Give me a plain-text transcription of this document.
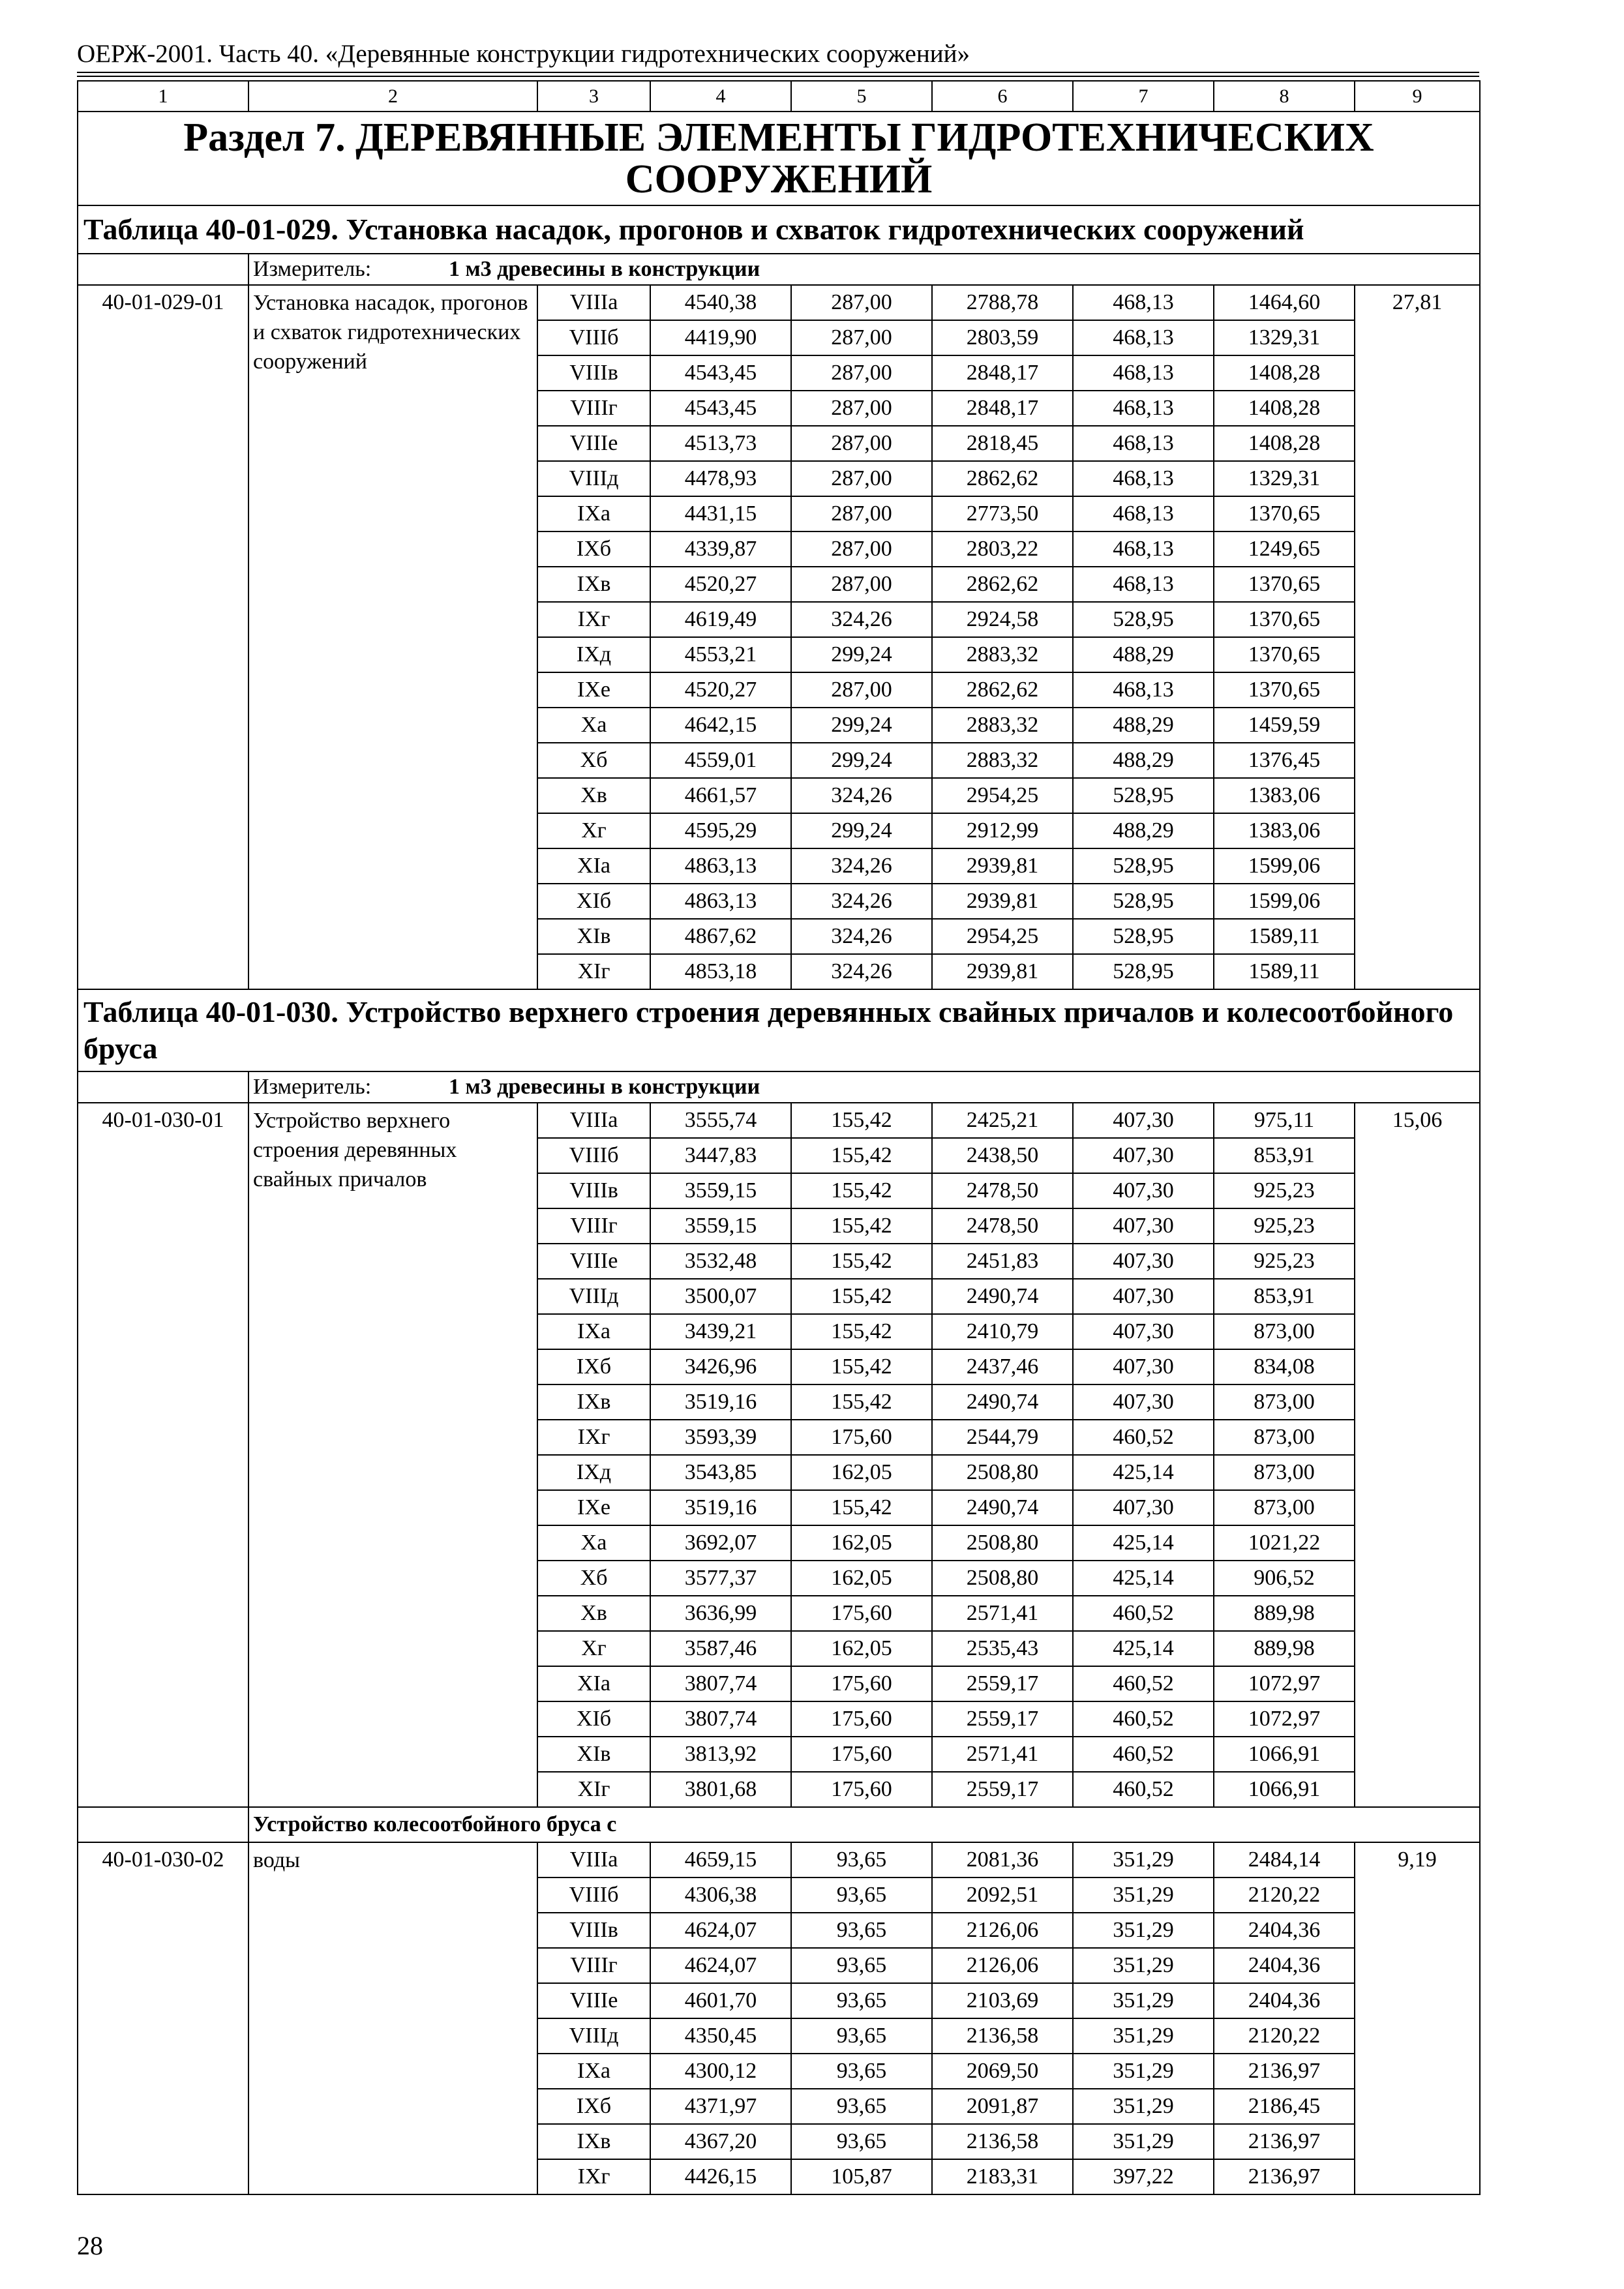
ОЕРЖ-2001. Часть 40. «Деревянные конструкции гидротехнических сооружений»
1	2	3	4	5	6	7	8	9
Раздел 7. ДЕРЕВЯННЫЕ ЭЛЕМЕНТЫ ГИДРОТЕХНИЧЕСКИХ СООРУЖЕНИЙ								
Таблица 40-01-029. Установка насадок, прогонов и схваток гидротехнических сооружений								
	Измеритель: 1 м3 древесины в конструкции							
40-01-029-01	Установка насадок, прогонов и схваток гидротехнических сооружений	VIIIа	4540,38	287,00	2788,78	468,13	1464,60	27,81
		VIIIб	4419,90	287,00	2803,59	468,13	1329,31	
		VIIIв	4543,45	287,00	2848,17	468,13	1408,28	
		VIIIг	4543,45	287,00	2848,17	468,13	1408,28	
		VIIIе	4513,73	287,00	2818,45	468,13	1408,28	
		VIIIд	4478,93	287,00	2862,62	468,13	1329,31	
		IXа	4431,15	287,00	2773,50	468,13	1370,65	
		IXб	4339,87	287,00	2803,22	468,13	1249,65	
		IXв	4520,27	287,00	2862,62	468,13	1370,65	
		IXг	4619,49	324,26	2924,58	528,95	1370,65	
		IXд	4553,21	299,24	2883,32	488,29	1370,65	
		IXе	4520,27	287,00	2862,62	468,13	1370,65	
		Xа	4642,15	299,24	2883,32	488,29	1459,59	
		Xб	4559,01	299,24	2883,32	488,29	1376,45	
		Xв	4661,57	324,26	2954,25	528,95	1383,06	
		Xг	4595,29	299,24	2912,99	488,29	1383,06	
		XIа	4863,13	324,26	2939,81	528,95	1599,06	
		XIб	4863,13	324,26	2939,81	528,95	1599,06	
		XIв	4867,62	324,26	2954,25	528,95	1589,11	
		XIг	4853,18	324,26	2939,81	528,95	1589,11	
Таблица 40-01-030. Устройство верхнего строения деревянных свайных причалов и колесоотбойного бруса								
	Измеритель: 1 м3 древесины в конструкции							
40-01-030-01	Устройство верхнего строения деревянных свайных причалов	VIIIа	3555,74	155,42	2425,21	407,30	975,11	15,06
		VIIIб	3447,83	155,42	2438,50	407,30	853,91	
		VIIIв	3559,15	155,42	2478,50	407,30	925,23	
		VIIIг	3559,15	155,42	2478,50	407,30	925,23	
		VIIIе	3532,48	155,42	2451,83	407,30	925,23	
		VIIIд	3500,07	155,42	2490,74	407,30	853,91	
		IXа	3439,21	155,42	2410,79	407,30	873,00	
		IXб	3426,96	155,42	2437,46	407,30	834,08	
		IXв	3519,16	155,42	2490,74	407,30	873,00	
		IXг	3593,39	175,60	2544,79	460,52	873,00	
		IXд	3543,85	162,05	2508,80	425,14	873,00	
		IXе	3519,16	155,42	2490,74	407,30	873,00	
		Xа	3692,07	162,05	2508,80	425,14	1021,22	
		Xб	3577,37	162,05	2508,80	425,14	906,52	
		Xв	3636,99	175,60	2571,41	460,52	889,98	
		Xг	3587,46	162,05	2535,43	425,14	889,98	
		XIа	3807,74	175,60	2559,17	460,52	1072,97	
		XIб	3807,74	175,60	2559,17	460,52	1072,97	
		XIв	3813,92	175,60	2571,41	460,52	1066,91	
		XIг	3801,68	175,60	2559,17	460,52	1066,91	
	Устройство колесоотбойного бруса с							
40-01-030-02	воды	VIIIа	4659,15	93,65	2081,36	351,29	2484,14	9,19
		VIIIб	4306,38	93,65	2092,51	351,29	2120,22	
		VIIIв	4624,07	93,65	2126,06	351,29	2404,36	
		VIIIг	4624,07	93,65	2126,06	351,29	2404,36	
		VIIIе	4601,70	93,65	2103,69	351,29	2404,36	
		VIIIд	4350,45	93,65	2136,58	351,29	2120,22	
		IXа	4300,12	93,65	2069,50	351,29	2136,97	
		IXб	4371,97	93,65	2091,87	351,29	2186,45	
		IXв	4367,20	93,65	2136,58	351,29	2136,97	
		IXг	4426,15	105,87	2183,31	397,22	2136,97	
28
